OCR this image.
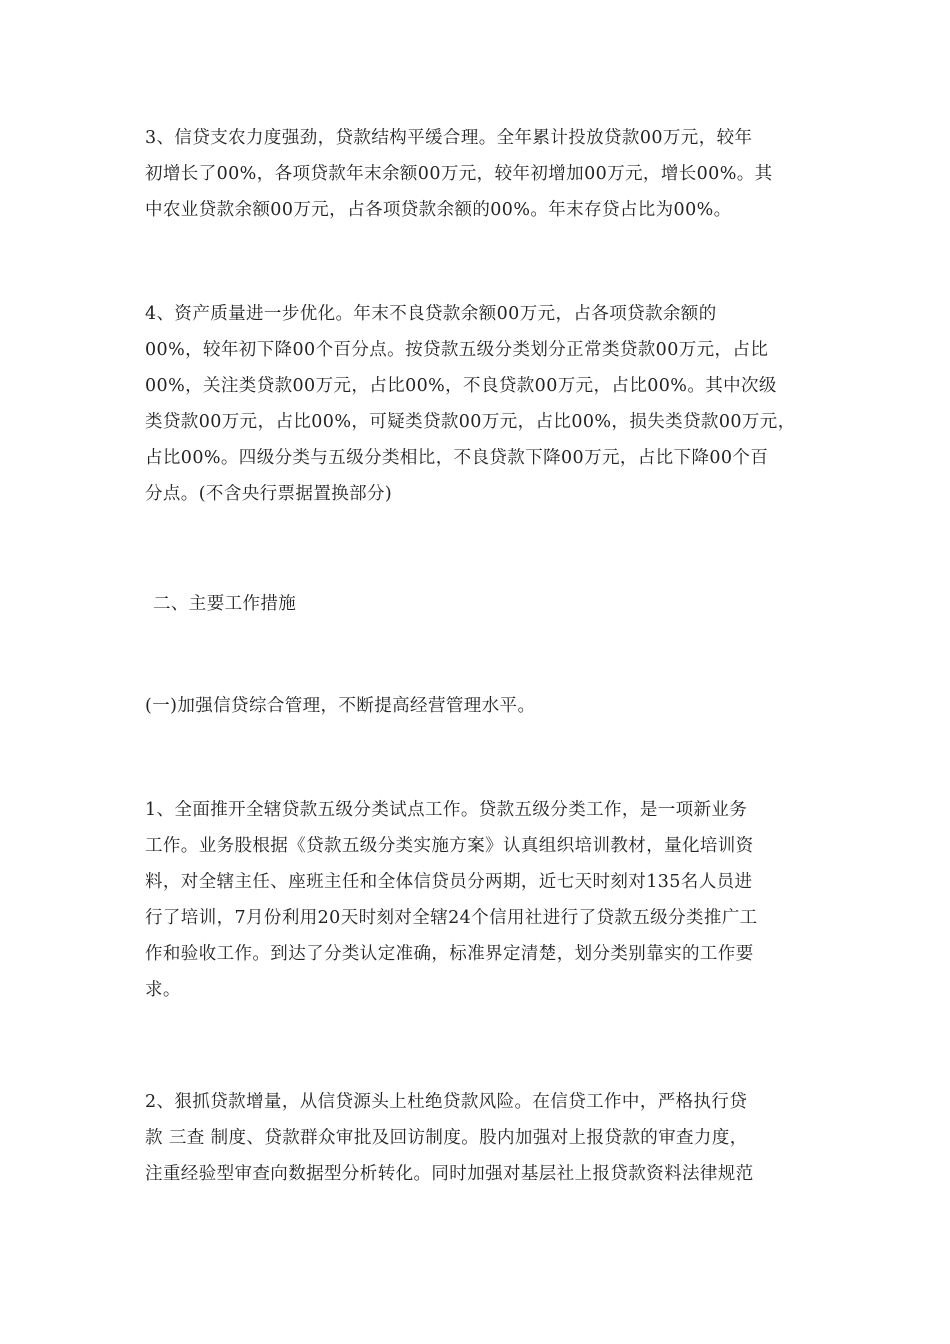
3、信贷支农力度强劲，贷款结构平缓合理。全年累计投放贷款00万元，较年
初增长了00%，各项贷款年末余额00万元，较年初增加00万元，增长00%。其
中农业贷款余额00万元，占各项贷款余额的00%。年末存贷占比为00%。
4、资产质量进一步优化。年末不良贷款余额00万元，占各项贷款余额的
00%，较年初下降00个百分点。按贷款五级分类划分正常类贷款00万元，占比
00%，关注类贷款00万元，占比00%，不良贷款00万元，占比00%。其中次级
类贷款00万元，占比00%，可疑类贷款00万元，占比00%，损失类贷款00万元，
占比00%。四级分类与五级分类相比，不良贷款下降00万元，占比下降00个百
分点。(不含央行票据置换部分)
二、主要工作措施
(一)加强信贷综合管理，不断提高经营管理水平。
1、全面推开全辖贷款五级分类试点工作。贷款五级分类工作，是一项新业务
工作。业务股根据《贷款五级分类实施方案》认真组织培训教材，量化培训资
料，对全辖主任、座班主任和全体信贷员分两期，近七天时刻对135名人员进
行了培训，7月份利用20天时刻对全辖24个信用社进行了贷款五级分类推广工
作和验收工作。到达了分类认定准确，标准界定清楚，划分类别靠实的工作要
求。
2、狠抓贷款增量，从信贷源头上杜绝贷款风险。在信贷工作中，严格执行贷
款 三查 制度、贷款群众审批及回访制度。股内加强对上报贷款的审查力度，
注重经验型审查向数据型分析转化。同时加强对基层社上报贷款资料法律规范
